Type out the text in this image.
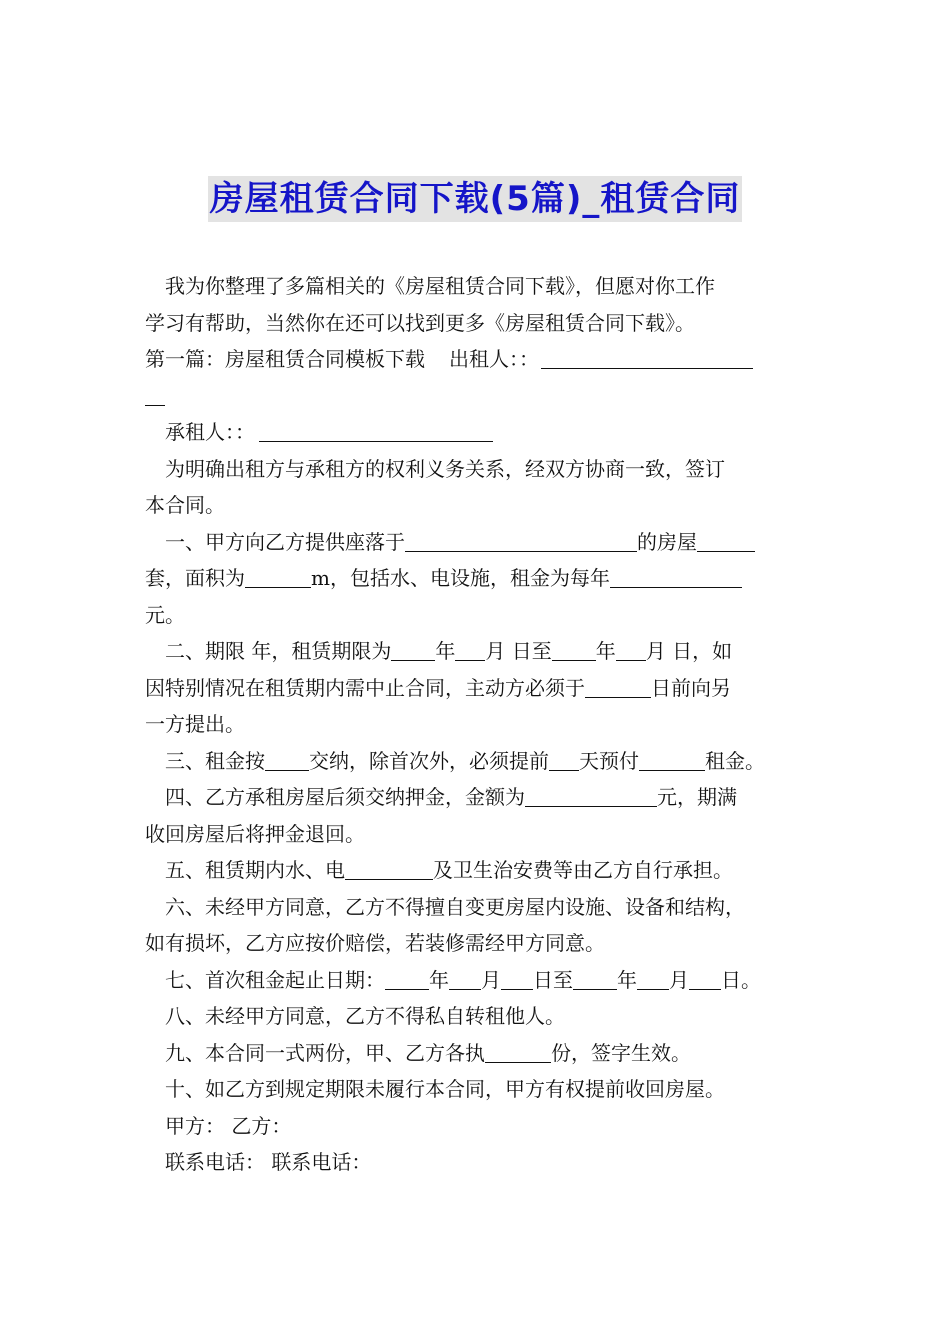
房屋租赁合同下载(5篇)_租赁合同

我为你整理了多篇相关的《房屋租赁合同下载》，但愿对你工作

学习有帮助，当然你在还可以找到更多《房屋租赁合同下载》。

第一篇：房屋租赁合同模板下载 出租人：：

承租人：：

为明确出租方与承租方的权利义务关系，经双方协商一致，签订

本合同。

一、甲方向乙方提供座落于	的房屋

套，面积为	m，包括水、电设施，租金为每年

元。

二、期限 年，租赁期限为 年 月 日至 年 月 日，如

因特别情况在租赁期内需中止合同，主动方必须于	日前向另

一方提出。

三、租金按 交纳，除首次外，必须提前 天预付	租金。

四、乙方承租房屋后须交纳押金，金额为	元，期满

收回房屋后将押金退回。

五、租赁期内水、电	及卫生治安费等由乙方自行承担。

六、未经甲方同意，乙方不得擅自变更房屋内设施、设备和结构，

如有损坏，乙方应按价赔偿，若装修需经甲方同意。

七、首次租金起止日期： 年 月 日至 年 月 日。

八、未经甲方同意，乙方不得私自转租他人。

九、本合同一式两份，甲、乙方各执	份，签字生效。

十、如乙方到规定期限未履行本合同，甲方有权提前收回房屋。

甲方： 乙方：

联系电话： 联系电话：
